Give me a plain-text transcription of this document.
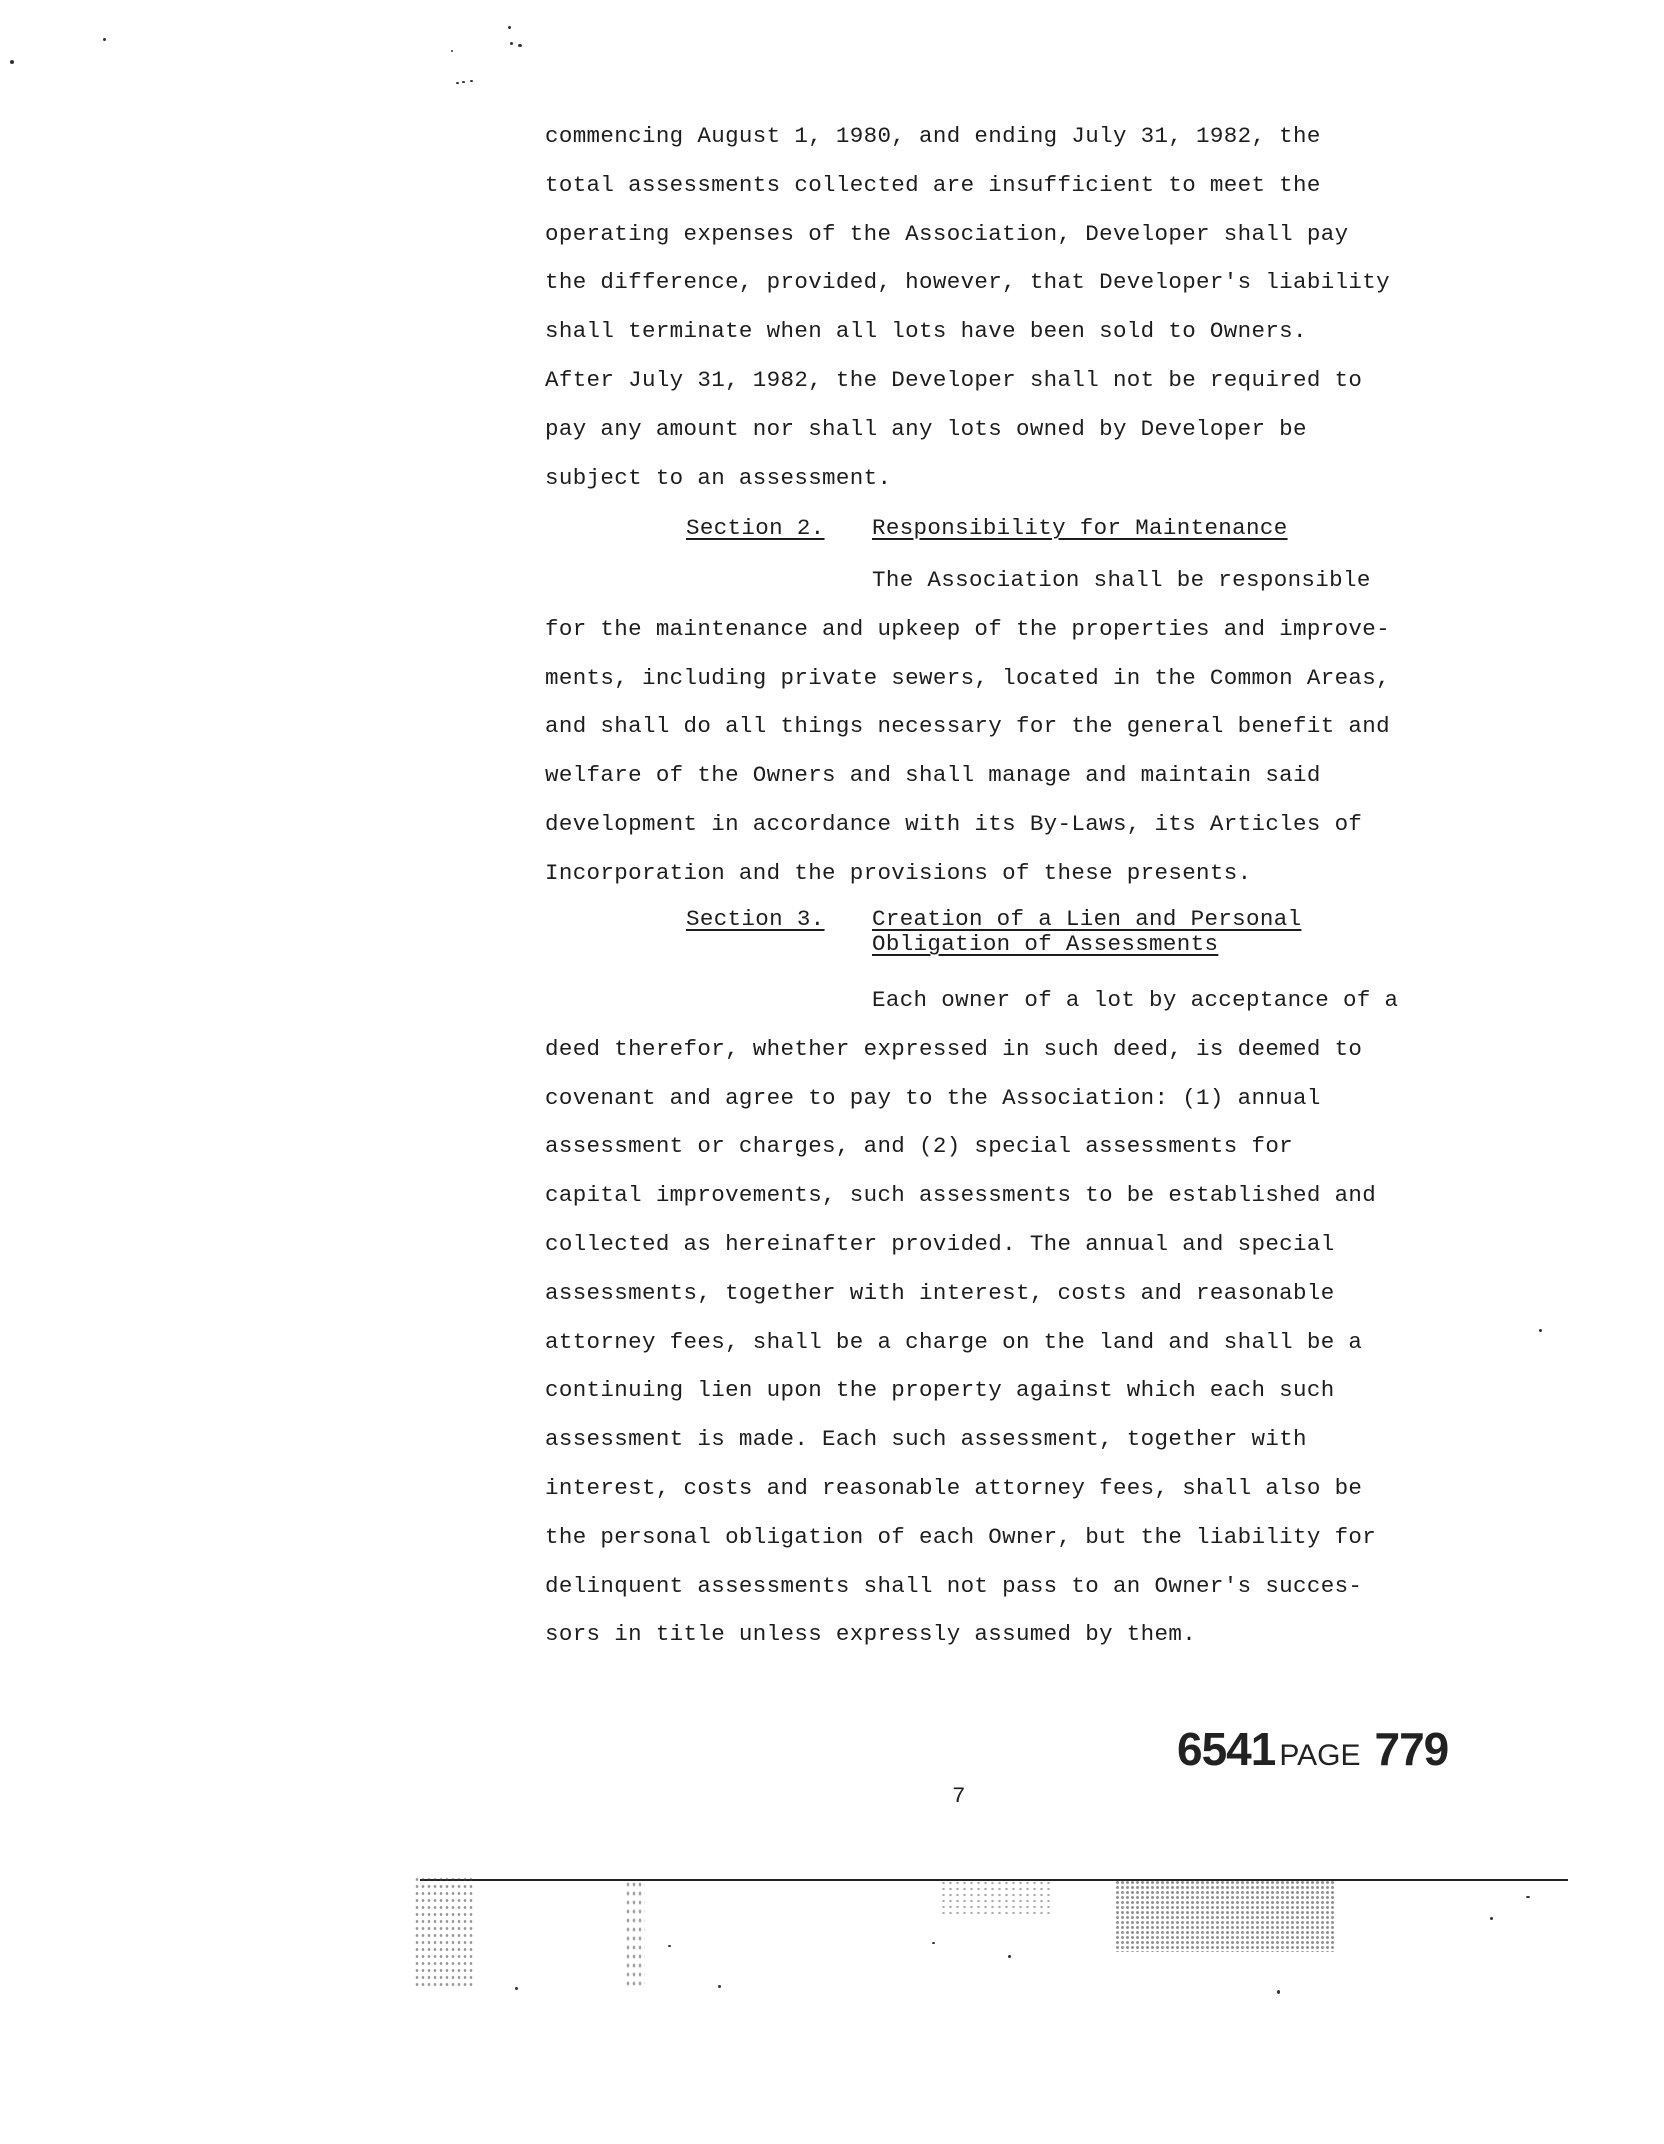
commencing August 1, 1980, and ending July 31, 1982, the
total assessments collected are insufficient to meet the
operating expenses of the Association, Developer shall pay
the difference, provided, however, that Developer's liability
shall terminate when all lots have been sold to Owners.
After July 31, 1982, the Developer shall not be required to
pay any amount nor shall any lots owned by Developer be
subject to an assessment.
Section 2. Responsibility for Maintenance
The Association shall be responsible
for the maintenance and upkeep of the properties and improve-
ments, including private sewers, located in the Common Areas,
and shall do all things necessary for the general benefit and
welfare of the Owners and shall manage and maintain said
development in accordance with its By-Laws, its Articles of
Incorporation and the provisions of these presents.
Section 3. Creation of a Lien and Personal
Obligation of Assessments
Each owner of a lot by acceptance of a
deed therefor, whether expressed in such deed, is deemed to
covenant and agree to pay to the Association: (1) annual
assessment or charges, and (2) special assessments for
capital improvements, such assessments to be established and
collected as hereinafter provided. The annual and special
assessments, together with interest, costs and reasonable
attorney fees, shall be a charge on the land and shall be a
continuing lien upon the property against which each such
assessment is made. Each such assessment, together with
interest, costs and reasonable attorney fees, shall also be
the personal obligation of each Owner, but the liability for
delinquent assessments shall not pass to an Owner's succes-
sors in title unless expressly assumed by them.
6541 PAGE 779
7
